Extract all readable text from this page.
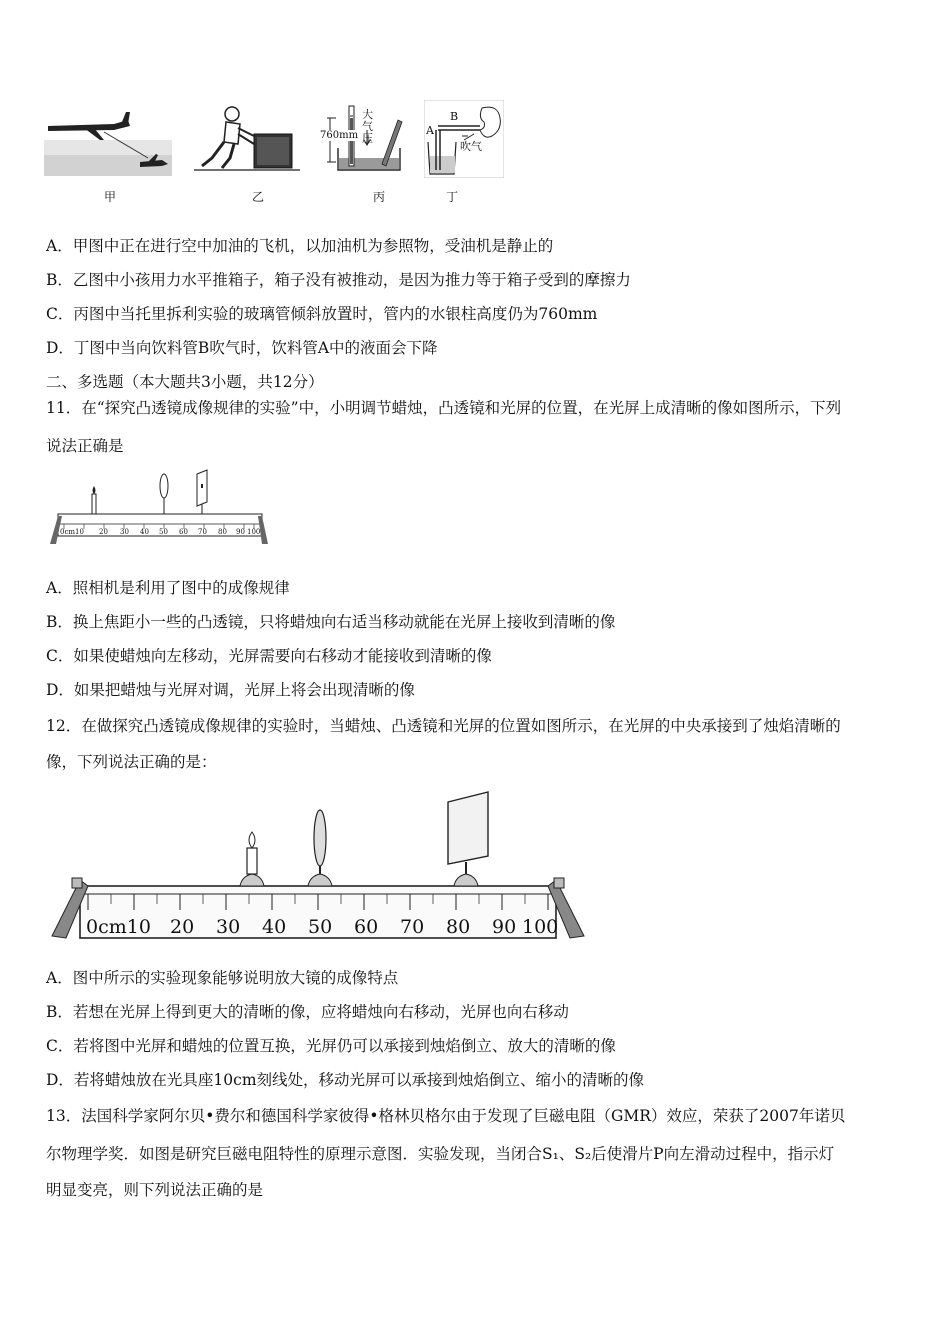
760mm
大
气
压
A
B
吹气
甲	乙	丙	丁
A．甲图中正在进行空中加油的飞机，以加油机为参照物，受油机是静止的
B．乙图中小孩用力水平推箱子，箱子没有被推动，是因为推力等于箱子受到的摩擦力
C．丙图中当托里拆利实验的玻璃管倾斜放置时，管内的水银柱高度仍为760mm
D．丁图中当向饮料管B吹气时，饮料管A中的液面会下降
二、多选题（本大题共3小题，共12分）
11．在“探究凸透镜成像规律的实验”中，小明调节蜡烛，凸透镜和光屏的位置，在光屏上成清晰的像如图所示，下列
说法正确是
0cm10 20 30 40 50 60 70 80 90 100
A．照相机是利用了图中的成像规律
B．换上焦距小一些的凸透镜，只将蜡烛向右适当移动就能在光屏上接收到清晰的像
C．如果使蜡烛向左移动，光屏需要向右移动才能接收到清晰的像
D．如果把蜡烛与光屏对调，光屏上将会出现清晰的像
12．在做探究凸透镜成像规律的实验时，当蜡烛、凸透镜和光屏的位置如图所示，在光屏的中央承接到了烛焰清晰的
像，下列说法正确的是：
0cm10 20 30 40 50 60 70 80 90 100
A．图中所示的实验现象能够说明放大镜的成像特点
B．若想在光屏上得到更大的清晰的像，应将蜡烛向右移动，光屏也向右移动
C．若将图中光屏和蜡烛的位置互换，光屏仍可以承接到烛焰倒立、放大的清晰的像
D．若将蜡烛放在光具座10cm刻线处，移动光屏可以承接到烛焰倒立、缩小的清晰的像
13．法国科学家阿尔贝•费尔和德国科学家彼得•格林贝格尔由于发现了巨磁电阻（GMR）效应，荣获了2007年诺贝
尔物理学奖．如图是研究巨磁电阻特性的原理示意图．实验发现，当闭合S₁、S₂后使滑片P向左滑动过程中，指示灯
明显变亮，则下列说法正确的是
